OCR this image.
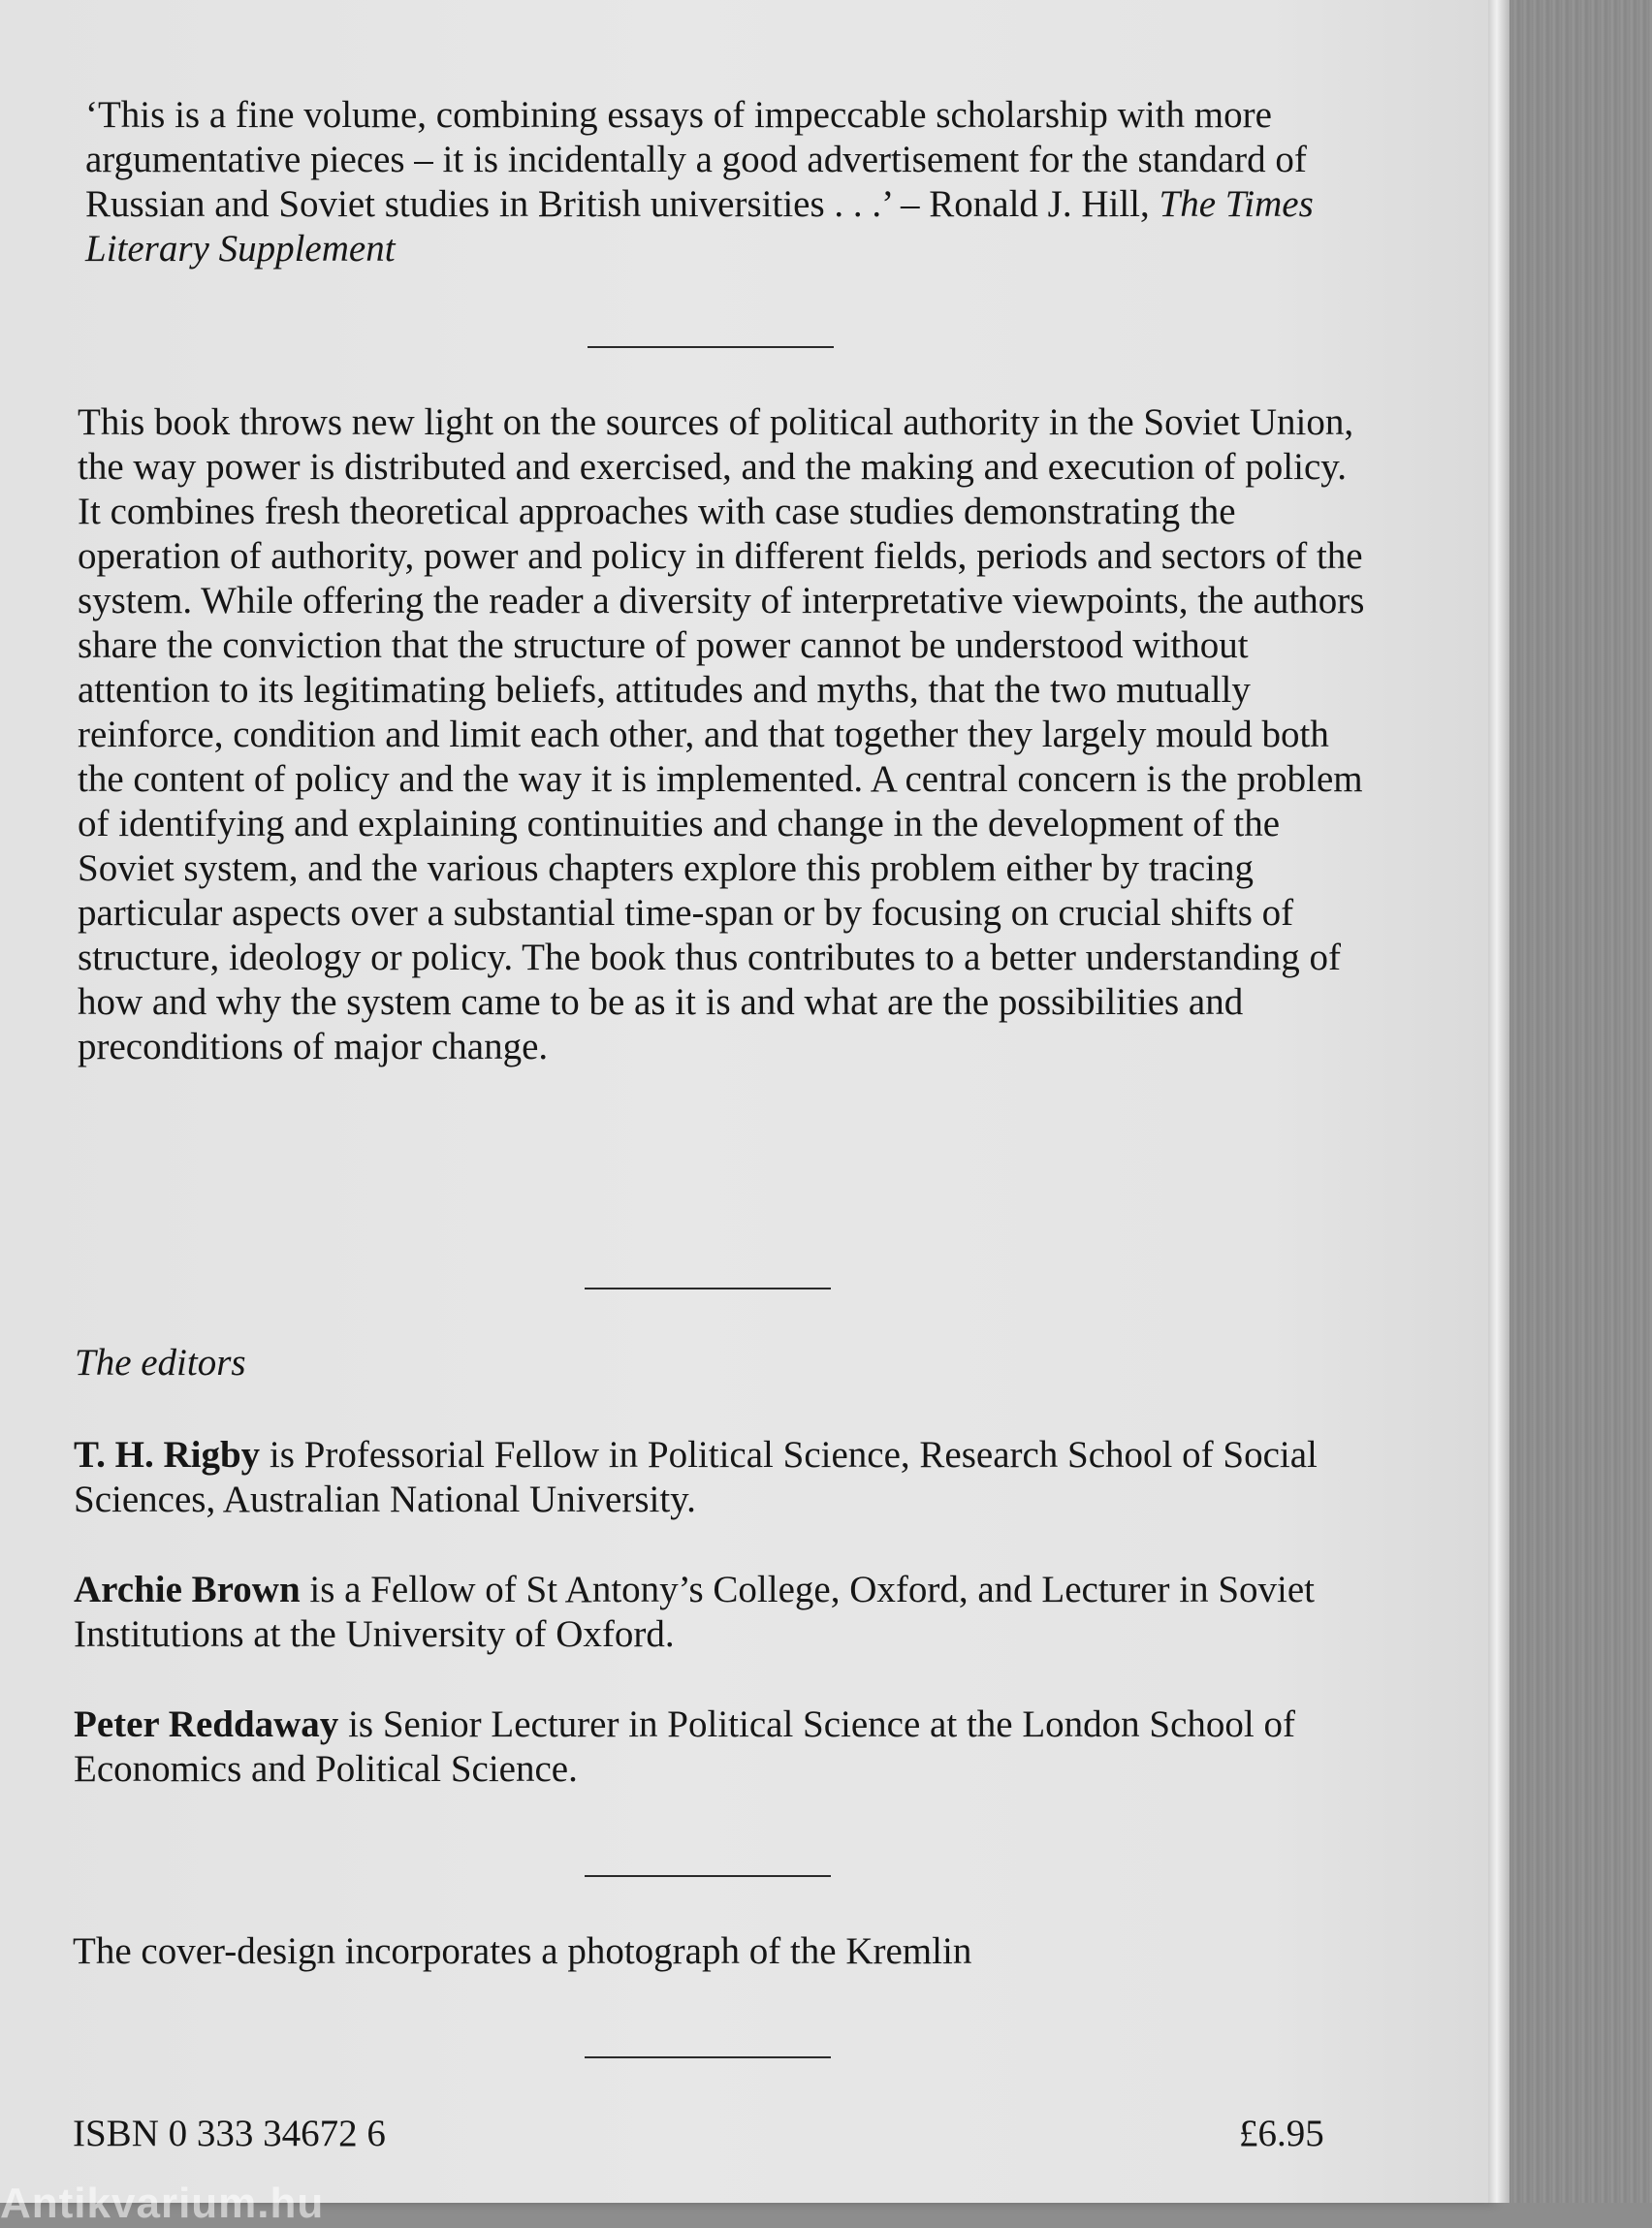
‘This is a fine volume, combining essays of impeccable scholarship with more argumentative pieces – it is incidentally a good advertisement for the standard of Russian and Soviet studies in British universities . . .’ – Ronald J. Hill, The Times Literary Supplement

This book throws new light on the sources of political authority in the Soviet Union, the way power is distributed and exercised, and the making and execution of policy. It combines fresh theoretical approaches with case studies demonstrating the operation of authority, power and policy in different fields, periods and sectors of the system. While offering the reader a diversity of interpretative viewpoints, the authors share the conviction that the structure of power cannot be understood without attention to its legitimating beliefs, attitudes and myths, that the two mutually reinforce, condition and limit each other, and that together they largely mould both the content of policy and the way it is implemented. A central concern is the problem of identifying and explaining continuities and change in the development of the Soviet system, and the various chapters explore this problem either by tracing particular aspects over a substantial time-span or by focusing on crucial shifts of structure, ideology or policy. The book thus contributes to a better understanding of how and why the system came to be as it is and what are the possibilities and preconditions of major change.

The editors

T. H. Rigby is Professorial Fellow in Political Science, Research School of Social Sciences, Australian National University.

Archie Brown is a Fellow of St Antony’s College, Oxford, and Lecturer in Soviet Institutions at the University of Oxford.

Peter Reddaway is Senior Lecturer in Political Science at the London School of Economics and Political Science.

The cover-design incorporates a photograph of the Kremlin

ISBN 0 333 34672 6	£6.95

Antikvarium.hu
